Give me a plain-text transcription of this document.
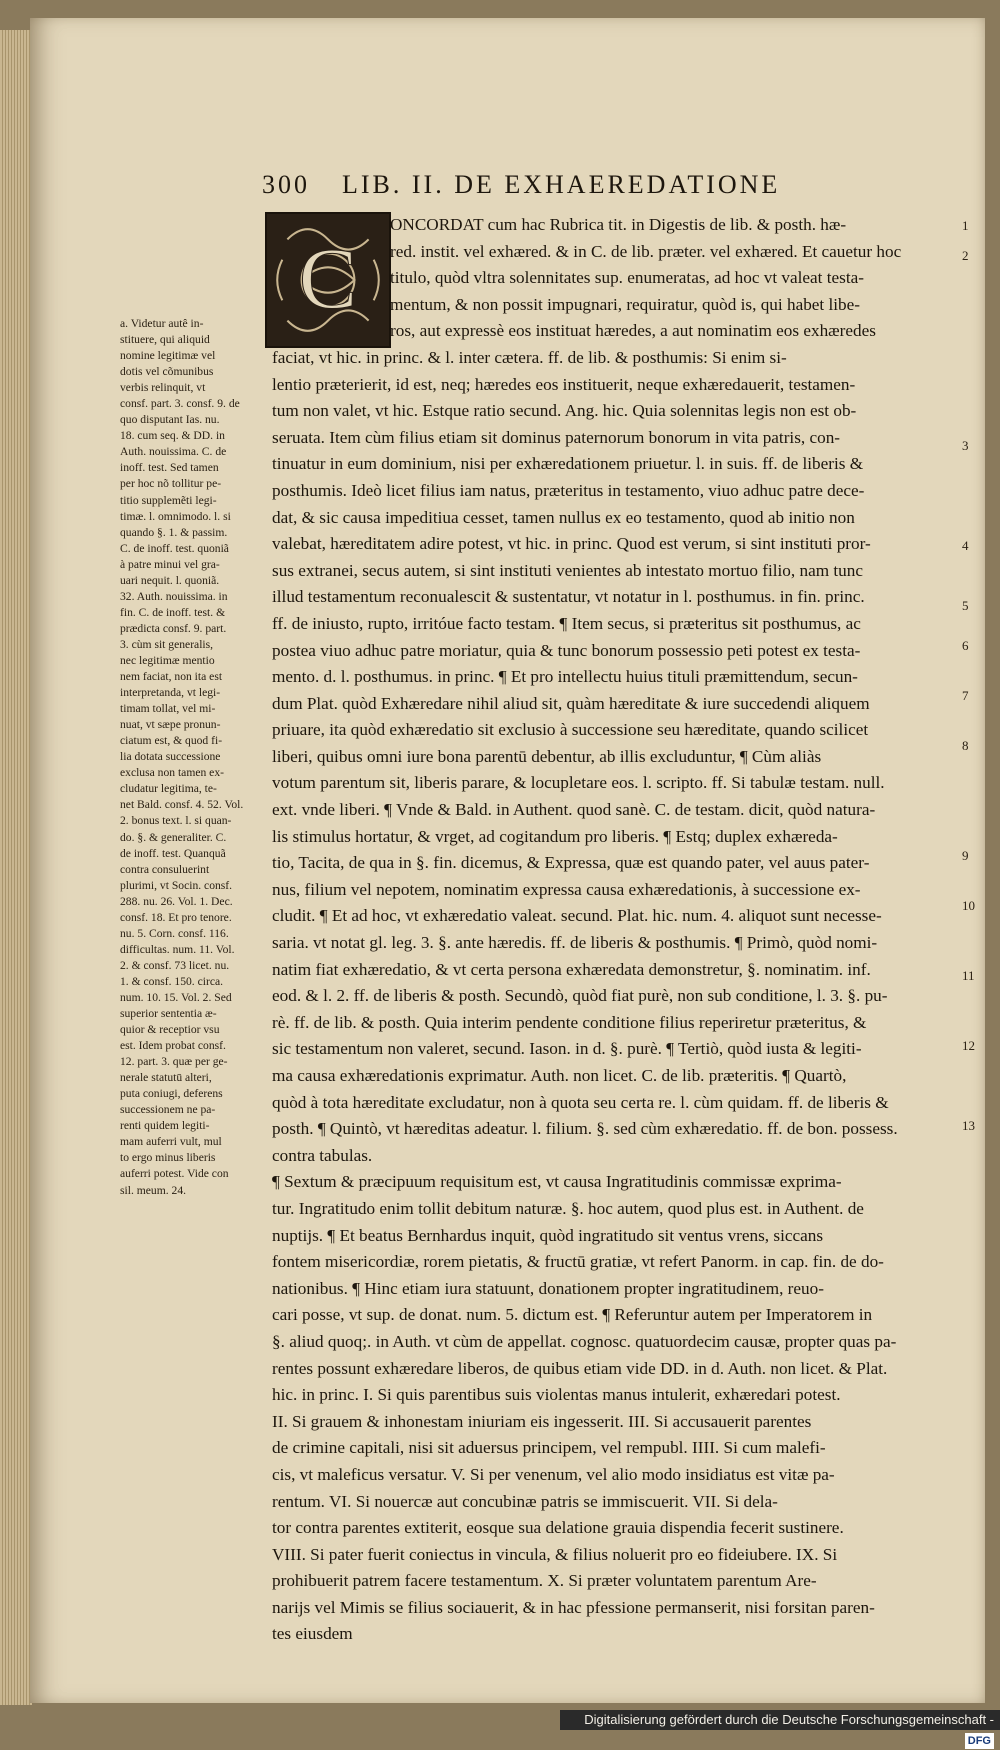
300 LIB. II. DE EXHAEREDATIONE
C
ONCORDAT cum hac Rubrica tit. in Digestis de lib. & posth. hæ-
red. instit. vel exhæred. & in C. de lib. præter. vel exhæred. Et cauetur hoc
titulo, quòd vltra solennitates sup. enumeratas, ad hoc vt valeat testa-
mentum, & non possit impugnari, requiratur, quòd is, qui habet libe-
ros, aut expressè eos instituat hæredes, a aut nominatim eos exhæredes
faciat, vt hic. in princ. & l. inter cætera. ff. de lib. & posthumis: Si enim si-
lentio præterierit, id est, neq; hæredes eos instituerit, neque exhæredauerit, testamen-
tum non valet, vt hic. Estque ratio secund. Ang. hic. Quia solennitas legis non est ob-
seruata. Item cùm filius etiam sit dominus paternorum bonorum in vita patris, con-
tinuatur in eum dominium, nisi per exhæredationem priuetur. l. in suis. ff. de liberis &
posthumis. Ideò licet filius iam natus, præteritus in testamento, viuo adhuc patre dece-
dat, & sic causa impeditiua cesset, tamen nullus ex eo testamento, quod ab initio non
valebat, hæreditatem adire potest, vt hic. in princ. Quod est verum, si sint instituti pror-
sus extranei, secus autem, si sint instituti venientes ab intestato mortuo filio, nam tunc
illud testamentum reconualescit & sustentatur, vt notatur in l. posthumus. in fin. princ.
ff. de iniusto, rupto, irritóue facto testam. ¶ Item secus, si præteritus sit posthumus, ac
postea viuo adhuc patre moriatur, quia & tunc bonorum possessio peti potest ex testa-
mento. d. l. posthumus. in princ. ¶ Et pro intellectu huius tituli præmittendum, secun-
dum Plat. quòd Exhæredare nihil aliud sit, quàm hæreditate & iure succedendi aliquem
priuare, ita quòd exhæredatio sit exclusio à successione seu hæreditate, quando scilicet
liberi, quibus omni iure bona parentū debentur, ab illis excluduntur, ¶ Cùm aliàs
votum parentum sit, liberis parare, & locupletare eos. l. scripto. ff. Si tabulæ testam. null.
ext. vnde liberi. ¶ Vnde & Bald. in Authent. quod sanè. C. de testam. dicit, quòd natura-
lis stimulus hortatur, & vrget, ad cogitandum pro liberis. ¶ Estq; duplex exhæreda-
tio, Tacita, de qua in §. fin. dicemus, & Expressa, quæ est quando pater, vel auus pater-
nus, filium vel nepotem, nominatim expressa causa exhæredationis, à successione ex-
cludit. ¶ Et ad hoc, vt exhæredatio valeat. secund. Plat. hic. num. 4. aliquot sunt necesse-
saria. vt notat gl. leg. 3. §. ante hæredis. ff. de liberis & posthumis. ¶ Primò, quòd nomi-
natim fiat exhæredatio, & vt certa persona exhæredata demonstretur, §. nominatim. inf.
eod. & l. 2. ff. de liberis & posth. Secundò, quòd fiat purè, non sub conditione, l. 3. §. pu-
rè. ff. de lib. & posth. Quia interim pendente conditione filius reperiretur præteritus, &
sic testamentum non valeret, secund. Iason. in d. §. purè. ¶ Tertiò, quòd iusta & legiti-
ma causa exhæredationis exprimatur. Auth. non licet. C. de lib. præteritis. ¶ Quartò,
quòd à tota hæreditate excludatur, non à quota seu certa re. l. cùm quidam. ff. de liberis &
posth. ¶ Quintò, vt hæreditas adeatur. l. filium. §. sed cùm exhæredatio. ff. de bon. possess.
contra tabulas.
¶ Sextum & præcipuum requisitum est, vt causa Ingratitudinis commissæ exprima-
tur. Ingratitudo enim tollit debitum naturæ. §. hoc autem, quod plus est. in Authent. de
nuptijs. ¶ Et beatus Bernhardus inquit, quòd ingratitudo sit ventus vrens, siccans
fontem misericordiæ, rorem pietatis, & fructū gratiæ, vt refert Panorm. in cap. fin. de do-
nationibus. ¶ Hinc etiam iura statuunt, donationem propter ingratitudinem, reuo-
cari posse, vt sup. de donat. num. 5. dictum est. ¶ Referuntur autem per Imperatorem in
§. aliud quoq;. in Auth. vt cùm de appellat. cognosc. quatuordecim causæ, propter quas pa-
rentes possunt exhæredare liberos, de quibus etiam vide DD. in d. Auth. non licet. & Plat.
hic. in princ. I. Si quis parentibus suis violentas manus intulerit, exhæredari potest.
II. Si grauem & inhonestam iniuriam eis ingesserit. III. Si accusauerit parentes
de crimine capitali, nisi sit aduersus principem, vel rempubl. IIII. Si cum malefi-
cis, vt maleficus versatur. V. Si per venenum, vel alio modo insidiatus est vitæ pa-
rentum. VI. Si nouercæ aut concubinæ patris se immiscuerit. VII. Si dela-
tor contra parentes extiterit, eosque sua delatione grauia dispendia fecerit sustinere.
VIII. Si pater fuerit coniectus in vincula, & filius noluerit pro eo fideiubere. IX. Si
prohibuerit patrem facere testamentum. X. Si præter voluntatem parentum Are-
narijs vel Mimis se filius sociauerit, & in hac pfessione permanserit, nisi forsitan paren-
tes eiusdem
a. Videtur autê in-
stituere, qui aliquid
nomine legitimæ vel
dotis vel cõmunibus
verbis relinquit, vt
consf. part. 3. consf. 9. de
quo disputant Ias. nu.
18. cum seq. & DD. in
Auth. nouissima. C. de
inoff. test. Sed tamen
per hoc nõ tollitur pe-
titio supplemẽti legi-
timæ. l. omnimodo. l. si
quando §. 1. & passim.
C. de inoff. test. quoniã
à patre minui vel gra-
uari nequit. l. quoniã.
32. Auth. nouissima. in
fin. C. de inoff. test. &
prædicta consf. 9. part.
3. cùm sit generalis,
nec legitimæ mentio
nem faciat, non ita est
interpretanda, vt legi-
timam tollat, vel mi-
nuat, vt sæpe pronun-
ciatum est, & quod fi-
lia dotata successione
exclusa non tamen ex-
cludatur legitima, te-
net Bald. consf. 4. 52. Vol.
2. bonus text. l. si quan-
do. §. & generaliter. C.
de inoff. test. Quanquã
contra consuluerint
plurimi, vt Socin. consf.
288. nu. 26. Vol. 1. Dec.
consf. 18. Et pro tenore.
nu. 5. Corn. consf. 116.
difficultas. num. 11. Vol.
2. & consf. 73 licet. nu.
1. & consf. 150. circa.
num. 10. 15. Vol. 2. Sed
superior sententia æ-
quior & receptior vsu
est. Idem probat consf.
12. part. 3. quæ per ge-
nerale statutū alteri,
puta coniugi, deferens
successionem ne pa-
renti quidem legiti-
mam auferri vult, mul
to ergo minus liberis
auferri potest. Vide con
sil. meum. 24.
1
2
3
4
5
6
7
8
9
10
11
12
13
Digitalisierung gefördert durch die Deutsche Forschungsgemeinschaft - DFG
